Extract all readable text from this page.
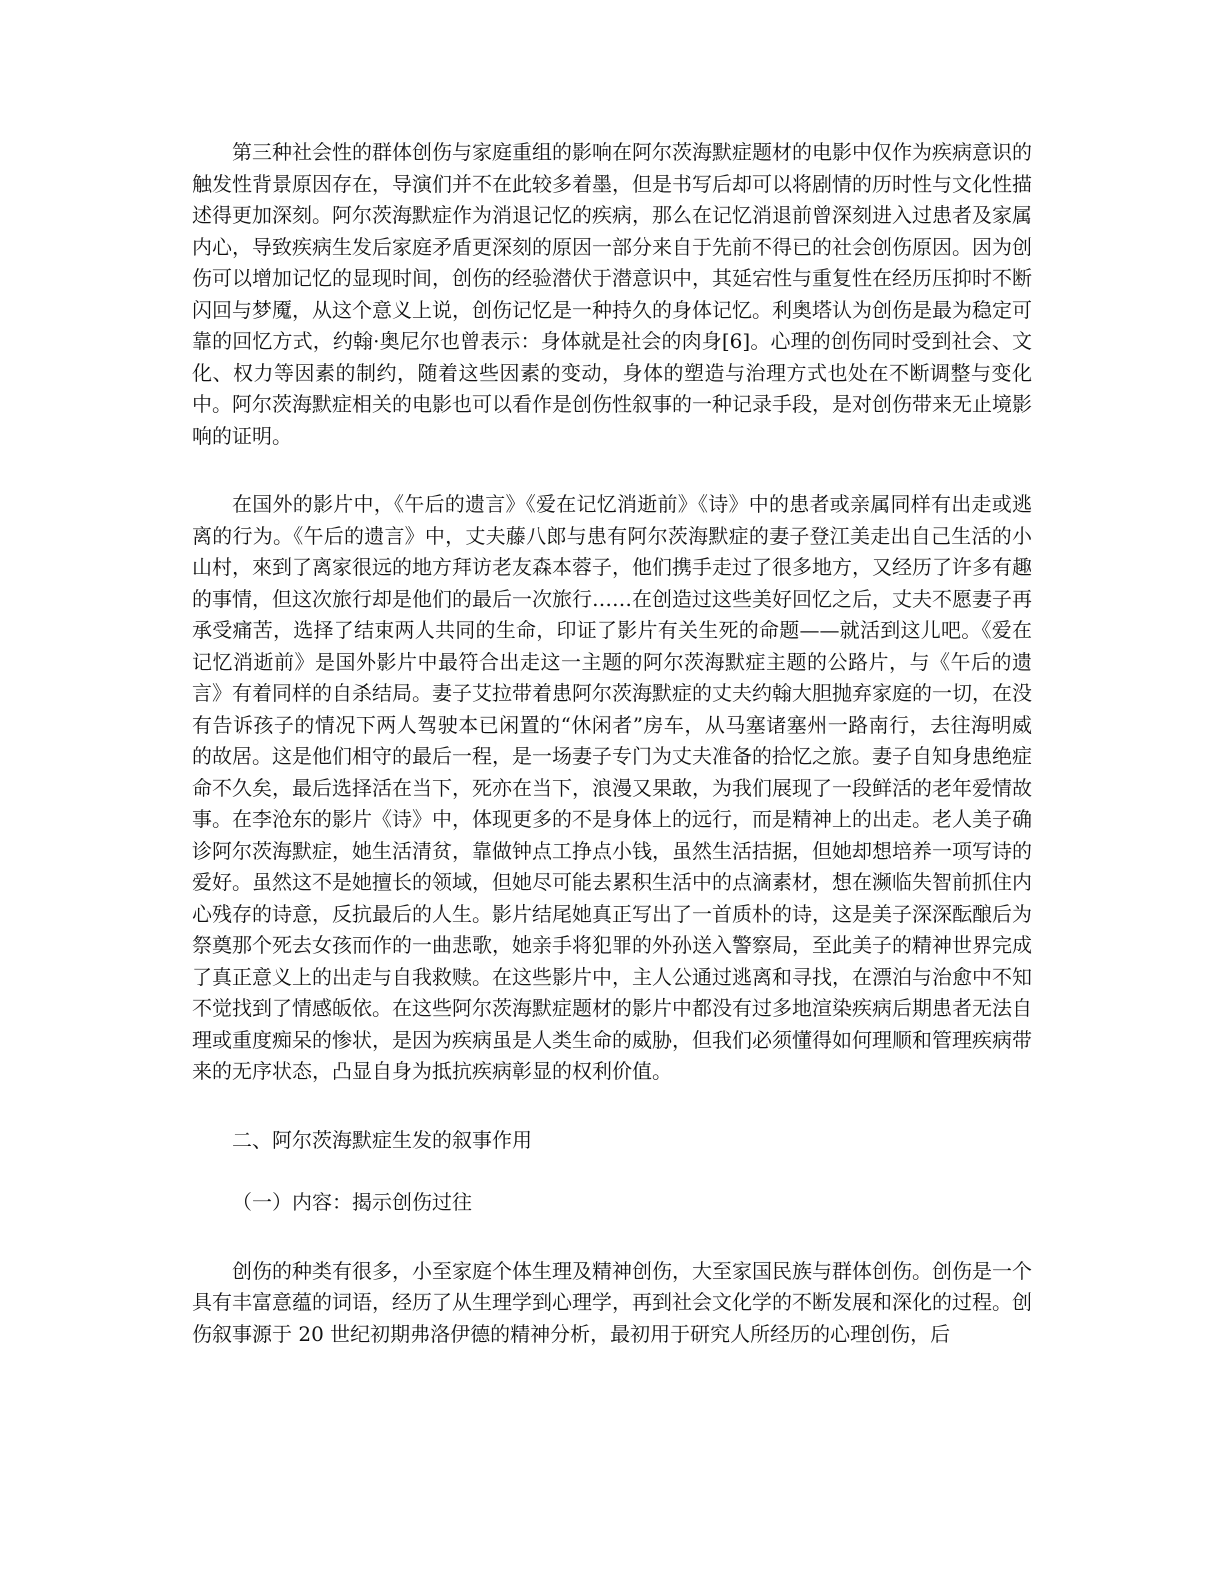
第三种社会性的群体创伤与家庭重组的影响在阿尔茨海默症题材的电影中仅作为疾病意识的触发性背景原因存在，导演们并不在此较多着墨，但是书写后却可以将剧情的历时性与文化性描述得更加深刻。阿尔茨海默症作为消退记忆的疾病，那么在记忆消退前曾深刻进入过患者及家属内心，导致疾病生发后家庭矛盾更深刻的原因一部分来自于先前不得已的社会创伤原因。因为创伤可以增加记忆的显现时间，创伤的经验潜伏于潜意识中，其延宕性与重复性在经历压抑时不断闪回与梦魇，从这个意义上说，创伤记忆是一种持久的身体记忆。利奥塔认为创伤是最为稳定可靠的回忆方式，约翰·奥尼尔也曾表示：身体就是社会的肉身[6]。心理的创伤同时受到社会、文化、权力等因素的制约，随着这些因素的变动，身体的塑造与治理方式也处在不断调整与变化中。阿尔茨海默症相关的电影也可以看作是创伤性叙事的一种记录手段，是对创伤带来无止境影响的证明。

在国外的影片中，《午后的遗言》《爱在记忆消逝前》《诗》中的患者或亲属同样有出走或逃离的行为。《午后的遗言》中，丈夫藤八郎与患有阿尔茨海默症的妻子登江美走出自己生活的小山村，來到了离家很远的地方拜访老友森本蓉子，他们携手走过了很多地方，又经历了许多有趣的事情，但这次旅行却是他们的最后一次旅行……在创造过这些美好回忆之后，丈夫不愿妻子再承受痛苦，选择了结束两人共同的生命，印证了影片有关生死的命题——就活到这儿吧。《爱在记忆消逝前》是国外影片中最符合出走这一主题的阿尔茨海默症主题的公路片，与《午后的遗言》有着同样的自杀结局。妻子艾拉带着患阿尔茨海默症的丈夫约翰大胆抛弃家庭的一切，在没有告诉孩子的情况下两人驾驶本已闲置的“休闲者”房车，从马塞诸塞州一路南行，去往海明威的故居。这是他们相守的最后一程，是一场妻子专门为丈夫准备的拾忆之旅。妻子自知身患绝症命不久矣，最后选择活在当下，死亦在当下，浪漫又果敢，为我们展现了一段鲜活的老年爱情故事。在李沧东的影片《诗》中，体现更多的不是身体上的远行，而是精神上的出走。老人美子确诊阿尔茨海默症，她生活清贫，靠做钟点工挣点小钱，虽然生活拮据，但她却想培养一项写诗的爱好。虽然这不是她擅长的领域，但她尽可能去累积生活中的点滴素材，想在濒临失智前抓住内心残存的诗意，反抗最后的人生。影片结尾她真正写出了一首质朴的诗，这是美子深深酝酿后为祭奠那个死去女孩而作的一曲悲歌，她亲手将犯罪的外孙送入警察局，至此美子的精神世界完成了真正意义上的出走与自我救赎。在这些影片中，主人公通过逃离和寻找，在漂泊与治愈中不知不觉找到了情感皈依。在这些阿尔茨海默症题材的影片中都没有过多地渲染疾病后期患者无法自理或重度痴呆的惨状，是因为疾病虽是人类生命的威胁，但我们必须懂得如何理顺和管理疾病带来的无序状态，凸显自身为抵抗疾病彰显的权利价值。

二、阿尔茨海默症生发的叙事作用
（一）内容：揭示创伤过往

创伤的种类有很多，小至家庭个体生理及精神创伤，大至家国民族与群体创伤。创伤是一个具有丰富意蕴的词语，经历了从生理学到心理学，再到社会文化学的不断发展和深化的过程。创伤叙事源于 20 世纪初期弗洛伊德的精神分析，最初用于研究人所经历的心理创伤，后
